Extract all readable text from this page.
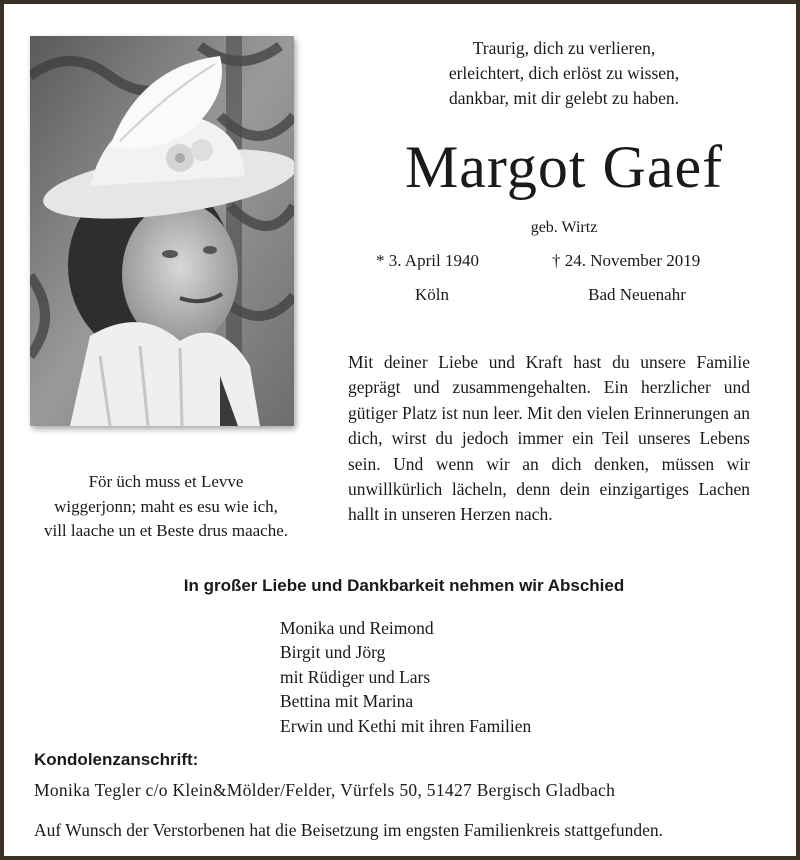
Traurig, dich zu verlieren,
erleichtert, dich erlöst zu wissen,
dankbar, mit dir gelebt zu haben.
Margot Gaef
geb. Wirtz
* 3. April 1940
Köln
† 24. November 2019
Bad Neuenahr

Mit deiner Liebe und Kraft hast du unsere Familie geprägt und zusammengehalten. Ein herzlicher und gütiger Platz ist nun leer. Mit den vielen Erinnerungen an dich, wirst du jedoch immer ein Teil unseres Lebens sein. Und wenn wir an dich denken, müssen wir unwillkürlich lächeln, denn dein einzigartiges Lachen hallt in unseren Herzen nach.

För üch muss et Levve
wiggerjonn; maht es esu wie ich,
vill laache un et Beste drus maache.
In großer Liebe und Dankbarkeit nehmen wir Abschied
Monika und Reimond
Birgit und Jörg
mit Rüdiger und Lars
Bettina mit Marina
Erwin und Kethi mit ihren Familien
Kondolenzanschrift:
Monika Tegler c/o Klein&Mölder/Felder, Vürfels 50, 51427 Bergisch Gladbach
Auf Wunsch der Verstorbenen hat die Beisetzung im engsten Familienkreis stattgefunden.
